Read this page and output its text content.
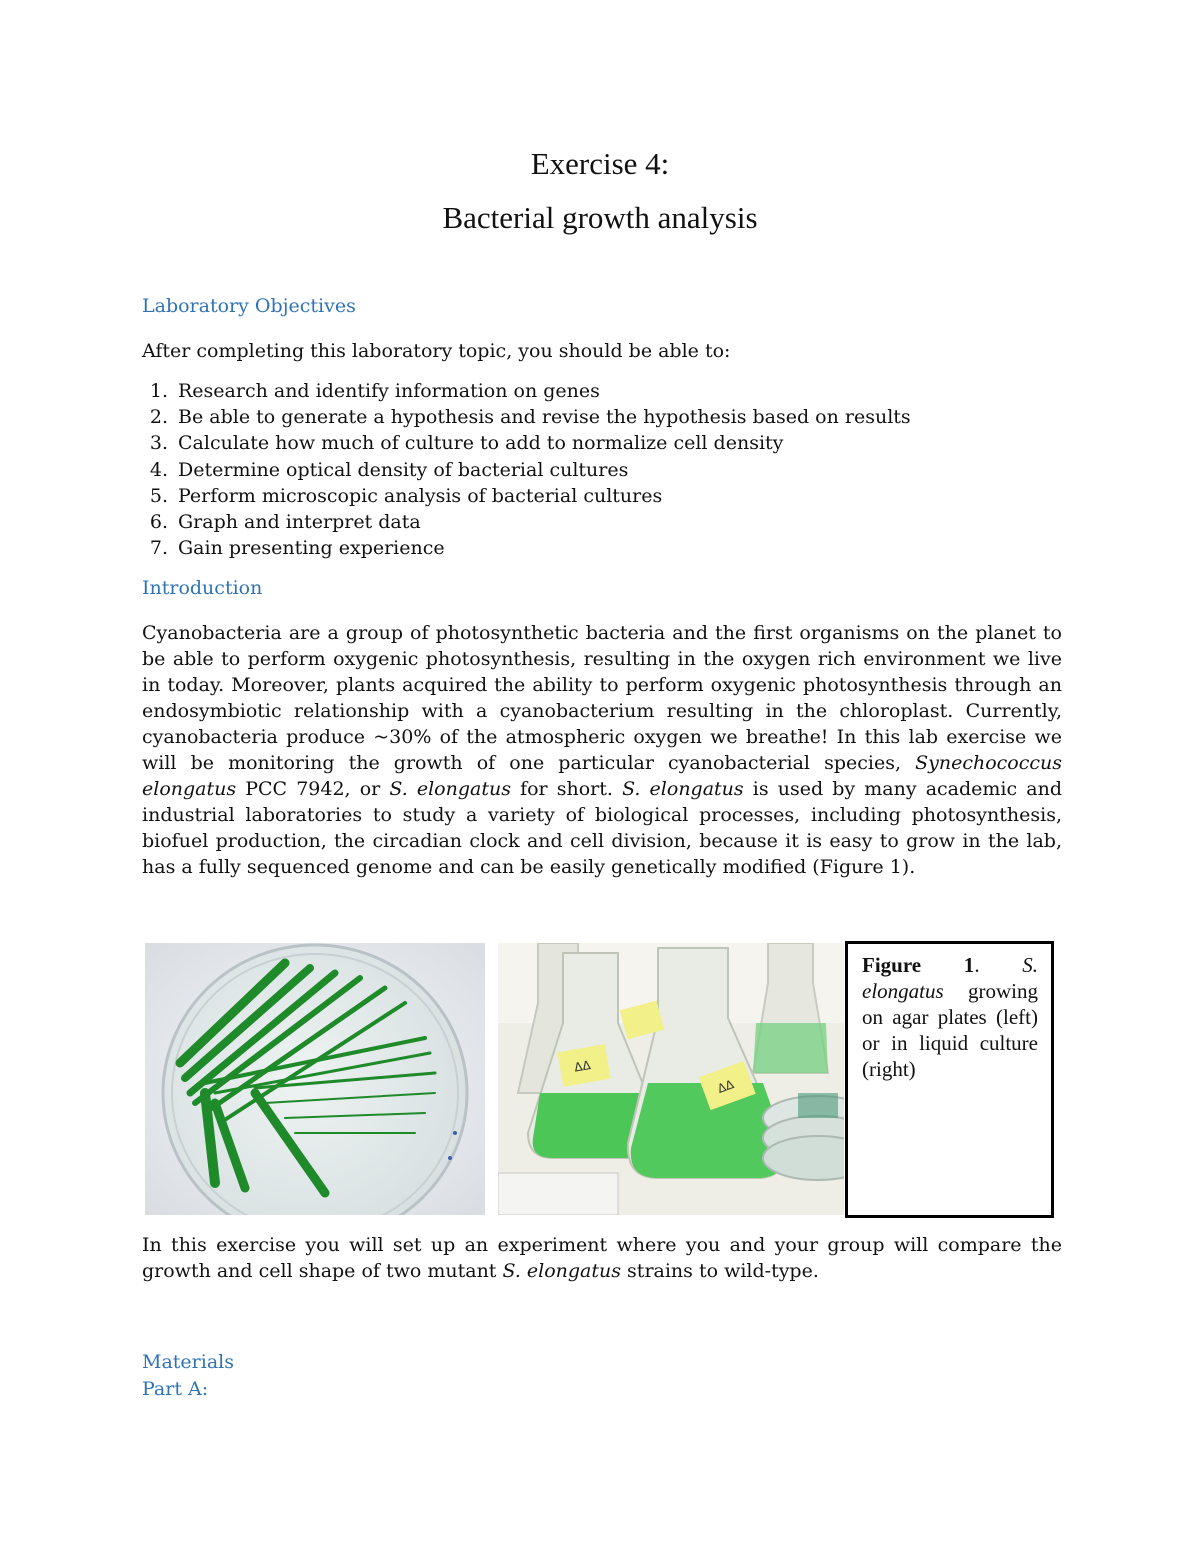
Exercise 4:
Bacterial growth analysis
Laboratory Objectives
After completing this laboratory topic, you should be able to:
1. Research and identify information on genes
2. Be able to generate a hypothesis and revise the hypothesis based on results
3. Calculate how much of culture to add to normalize cell density
4. Determine optical density of bacterial cultures
5. Perform microscopic analysis of bacterial cultures
6. Graph and interpret data
7. Gain presenting experience
Introduction
Cyanobacteria are a group of photosynthetic bacteria and the first organisms on the planet to be able to perform oxygenic photosynthesis, resulting in the oxygen rich environment we live in today. Moreover, plants acquired the ability to perform oxygenic photosynthesis through an endosymbiotic relationship with a cyanobacterium resulting in the chloroplast. Currently, cyanobacteria produce ~30% of the atmospheric oxygen we breathe! In this lab exercise we will be monitoring the growth of one particular cyanobacterial species, Synechococcus elongatus PCC 7942, or S. elongatus for short. S. elongatus is used by many academic and industrial laboratories to study a variety of biological processes, including photosynthesis, biofuel production, the circadian clock and cell division, because it is easy to grow in the lab, has a fully sequenced genome and can be easily genetically modified (Figure 1).
ΔΔ
ΔΔ
Figure 1. S. elongatus growing on agar plates (left) or in liquid culture (right)
In this exercise you will set up an experiment where you and your group will compare the growth and cell shape of two mutant S. elongatus strains to wild-type.
Materials
Part A:
